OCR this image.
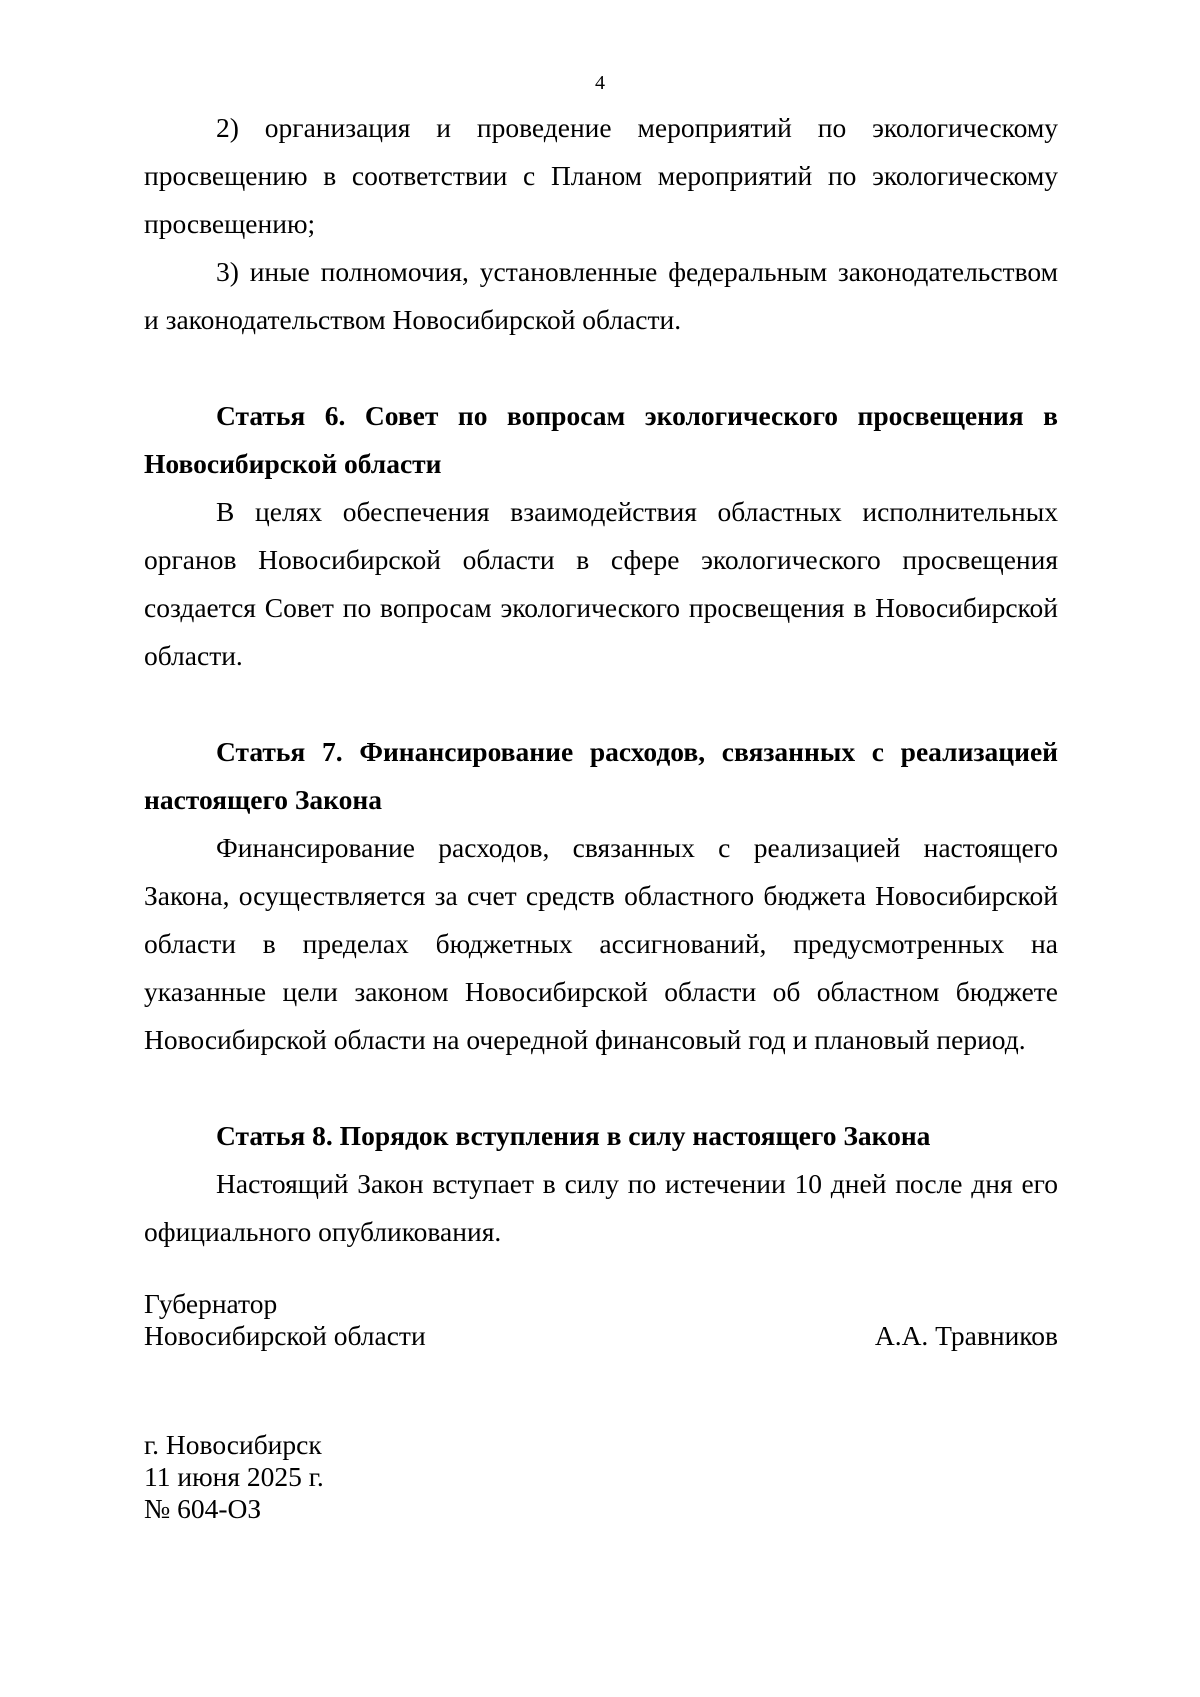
4

2) организация и проведение мероприятий по экологическому просвещению в соответствии с Планом мероприятий по экологическому просвещению;

3) иные полномочия, установленные федеральным законодательством и законодательством Новосибирской области.

Статья 6. Совет по вопросам экологического просвещения в Новосибирской области

В целях обеспечения взаимодействия областных исполнительных органов Новосибирской области в сфере экологического просвещения создается Совет по вопросам экологического просвещения в Новосибирской области.

Статья 7. Финансирование расходов, связанных с реализацией настоящего Закона

Финансирование расходов, связанных с реализацией настоящего Закона, осуществляется за счет средств областного бюджета Новосибирской области в пределах бюджетных ассигнований, предусмотренных на указанные цели законом Новосибирской области об областном бюджете Новосибирской области на очередной финансовый год и плановый период.

Статья 8. Порядок вступления в силу настоящего Закона

Настоящий Закон вступает в силу по истечении 10 дней после дня его официального опубликования.

Губернатор
Новосибирской области	А.А. Травников
г. Новосибирск
11 июня 2025 г.
№ 604-ОЗ
